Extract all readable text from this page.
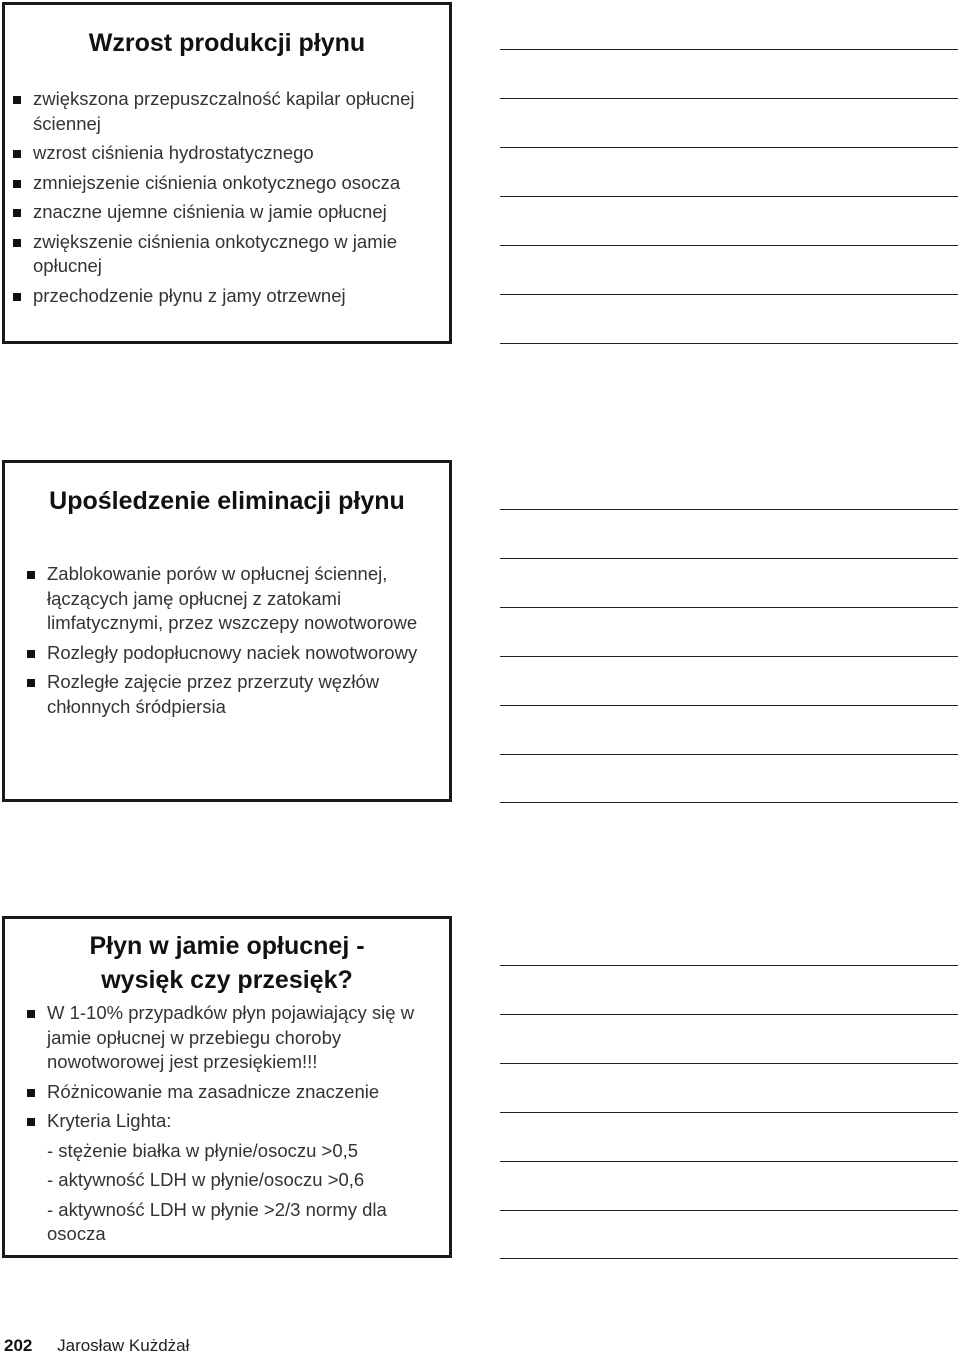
Wzrost produkcji płynu
zwiększona przepuszczalność kapilar opłucnej ściennej
wzrost ciśnienia hydrostatycznego
zmniejszenie ciśnienia onkotycznego osocza
znaczne ujemne ciśnienia w jamie opłucnej
zwiększenie ciśnienia onkotycznego w jamie opłucnej
przechodzenie płynu z jamy otrzewnej
Upośledzenie eliminacji płynu
Zablokowanie porów w opłucnej ściennej, łączących jamę opłucnej z zatokami limfatycznymi, przez wszczepy nowotworowe
Rozległy podopłucnowy naciek nowotworowy
Rozległe zajęcie przez przerzuty węzłów chłonnych śródpiersia
Płyn w jamie opłucnej -
wysięk czy przesięk?
W 1-10% przypadków płyn pojawiający się w jamie opłucnej w przebiegu choroby nowotworowej jest przesiękiem!!!
Różnicowanie ma zasadnicze znaczenie
Kryteria Lighta:
- stężenie białka w płynie/osoczu >0,5
- aktywność LDH w płynie/osoczu >0,6
- aktywność LDH w płynie >2/3 normy dla osocza
202 Jarosław Kużdżał
